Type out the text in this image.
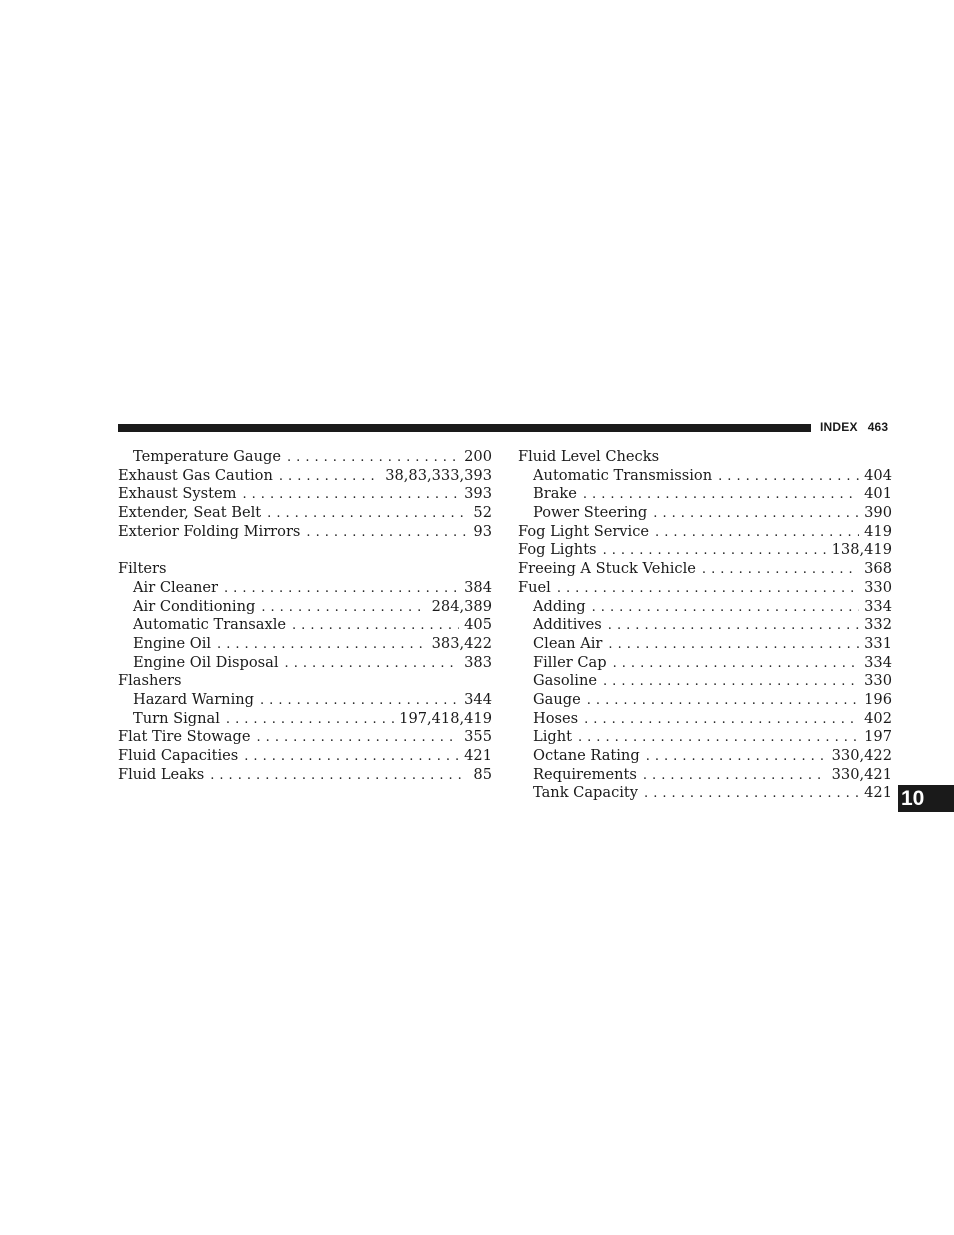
INDEX 463
Temperature Gauge . . .	200
Exhaust Gas Caution . . .	38,83,333,393
Exhaust System . . .	393
Extender, Seat Belt . . .	52
Exterior Folding Mirrors . . .	93
Filters
Air Cleaner . . .	384
Air Conditioning . . .	284,389
Automatic Transaxle . . .	405
Engine Oil . . .	383,422
Engine Oil Disposal . . .	383
Flashers
Hazard Warning . . .	344
Turn Signal . . .	197,418,419
Flat Tire Stowage . . .	355
Fluid Capacities . . .	421
Fluid Leaks . . .	85
Fluid Level Checks
Automatic Transmission . . .	404
Brake . . .	401
Power Steering . . .	390
Fog Light Service . . .	419
Fog Lights . . .	138,419
Freeing A Stuck Vehicle . . .	368
Fuel . . .	330
Adding . . .	334
Additives . . .	332
Clean Air . . .	331
Filler Cap . . .	334
Gasoline . . .	330
Gauge . . .	196
Hoses . . .	402
Light . . .	197
Octane Rating . . .	330,422
Requirements . . .	330,421
Tank Capacity . . .	421 10
